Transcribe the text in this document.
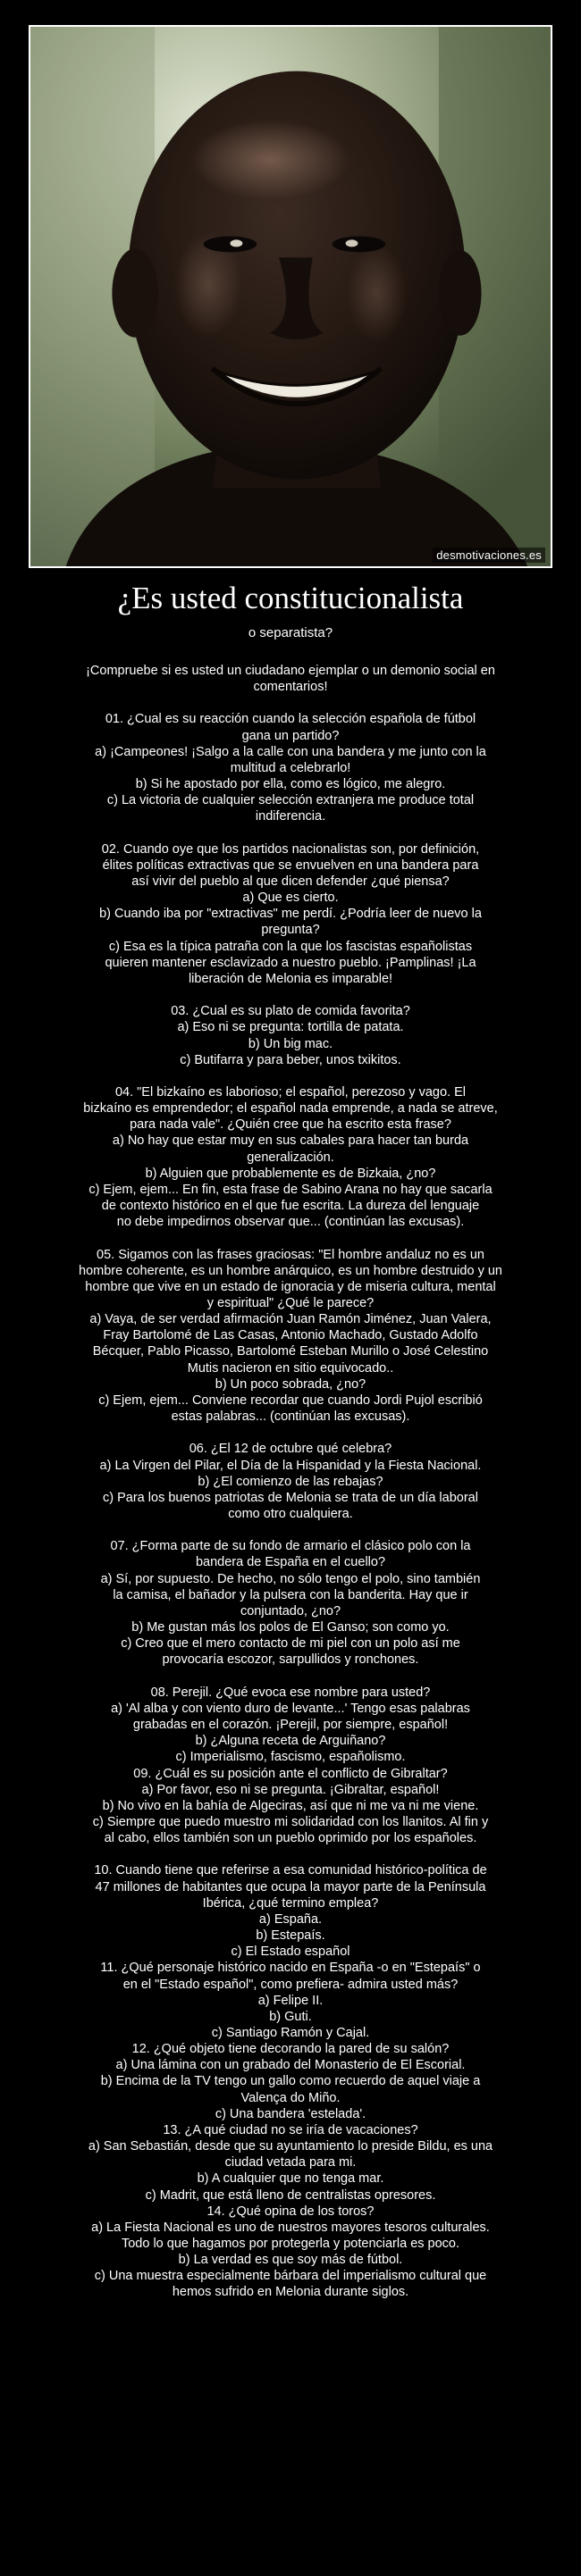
desmotivaciones.es
¿Es usted constitucionalista

o separatista?

¡Compruebe si es usted un ciudadano ejemplar o un demonio social en
comentarios!
01. ¿Cual es su reacción cuando la selección española de fútbol
gana un partido?
a) ¡Campeones! ¡Salgo a la calle con una bandera y me junto con la
multitud a celebrarlo!
b) Si he apostado por ella, como es lógico, me alegro.
c) La victoria de cualquier selección extranjera me produce total
indiferencia.
02. Cuando oye que los partidos nacionalistas son, por definición,
élites políticas extractivas que se envuelven en una bandera para
así vivir del pueblo al que dicen defender ¿qué piensa?
a) Que es cierto.
b) Cuando iba por "extractivas" me perdí. ¿Podría leer de nuevo la
pregunta?
c) Esa es la típica patraña con la que los fascistas españolistas
quieren mantener esclavizado a nuestro pueblo. ¡Pamplinas! ¡La
liberación de Melonia es imparable!
03. ¿Cual es su plato de comida favorita?
a) Eso ni se pregunta: tortilla de patata.
b) Un big mac.
c) Butifarra y para beber, unos txikitos.
04. "El bizkaíno es laborioso; el español, perezoso y vago. El
bizkaíno es emprendedor; el español nada emprende, a nada se atreve,
para nada vale". ¿Quién cree que ha escrito esta frase?
a) No hay que estar muy en sus cabales para hacer tan burda
generalización.
b) Alguien que probablemente es de Bizkaia, ¿no?
c) Ejem, ejem... En fin, esta frase de Sabino Arana no hay que sacarla
de contexto histórico en el que fue escrita. La dureza del lenguaje
no debe impedirnos observar que... (continúan las excusas).
05. Sigamos con las frases graciosas: "El hombre andaluz no es un
hombre coherente, es un hombre anárquico, es un hombre destruido y un
hombre que vive en un estado de ignoracia y de miseria cultura, mental
y espiritual" ¿Qué le parece?
a) Vaya, de ser verdad afirmación Juan Ramón Jiménez, Juan Valera,
Fray Bartolomé de Las Casas, Antonio Machado, Gustado Adolfo
Bécquer, Pablo Picasso, Bartolomé Esteban Murillo o José Celestino
Mutis nacieron en sitio equivocado..
b) Un poco sobrada, ¿no?
c) Ejem, ejem... Conviene recordar que cuando Jordi Pujol escribió
estas palabras... (continúan las excusas).
06. ¿El 12 de octubre qué celebra?
a) La Virgen del Pilar, el Día de la Hispanidad y la Fiesta Nacional.
b) ¿El comienzo de las rebajas?
c) Para los buenos patriotas de Melonia se trata de un día laboral
como otro cualquiera.
07. ¿Forma parte de su fondo de armario el clásico polo con la
bandera de España en el cuello?
a) Sí, por supuesto. De hecho, no sólo tengo el polo, sino también
la camisa, el bañador y la pulsera con la banderita. Hay que ir
conjuntado, ¿no?
b) Me gustan más los polos de El Ganso; son como yo.
c) Creo que el mero contacto de mi piel con un polo así me
provocaría escozor, sarpullidos y ronchones.
08. Perejil. ¿Qué evoca ese nombre para usted?
a) 'Al alba y con viento duro de levante...' Tengo esas palabras
grabadas en el corazón. ¡Perejil, por siempre, español!
b) ¿Alguna receta de Arguiñano?
c) Imperialismo, fascismo, españolismo.
09. ¿Cuál es su posición ante el conflicto de Gibraltar?
a) Por favor, eso ni se pregunta. ¡Gibraltar, español!
b) No vivo en la bahía de Algeciras, así que ni me va ni me viene.
c) Siempre que puedo muestro mi solidaridad con los llanitos. Al fin y
al cabo, ellos también son un pueblo oprimido por los españoles.
10. Cuando tiene que referirse a esa comunidad histórico-política de
47 millones de habitantes que ocupa la mayor parte de la Península
Ibérica, ¿qué termino emplea?
a) España.
b) Estepaís.
c) El Estado español
11. ¿Qué personaje histórico nacido en España -o en "Estepaís" o
en el "Estado español", como prefiera- admira usted más?
a) Felipe II.
b) Guti.
c) Santiago Ramón y Cajal.
12. ¿Qué objeto tiene decorando la pared de su salón?
a) Una lámina con un grabado del Monasterio de El Escorial.
b) Encima de la TV tengo un gallo como recuerdo de aquel viaje a
Valença do Miño.
c) Una bandera 'estelada'.
13. ¿A qué ciudad no se iría de vacaciones?
a) San Sebastián, desde que su ayuntamiento lo preside Bildu, es una
ciudad vetada para mi.
b) A cualquier que no tenga mar.
c) Madrit, que está lleno de centralistas opresores.
14. ¿Qué opina de los toros?
a) La Fiesta Nacional es uno de nuestros mayores tesoros culturales.
Todo lo que hagamos por protegerla y potenciarla es poco.
b) La verdad es que soy más de fútbol.
c) Una muestra especialmente bárbara del imperialismo cultural que
hemos sufrido en Melonia durante siglos.
